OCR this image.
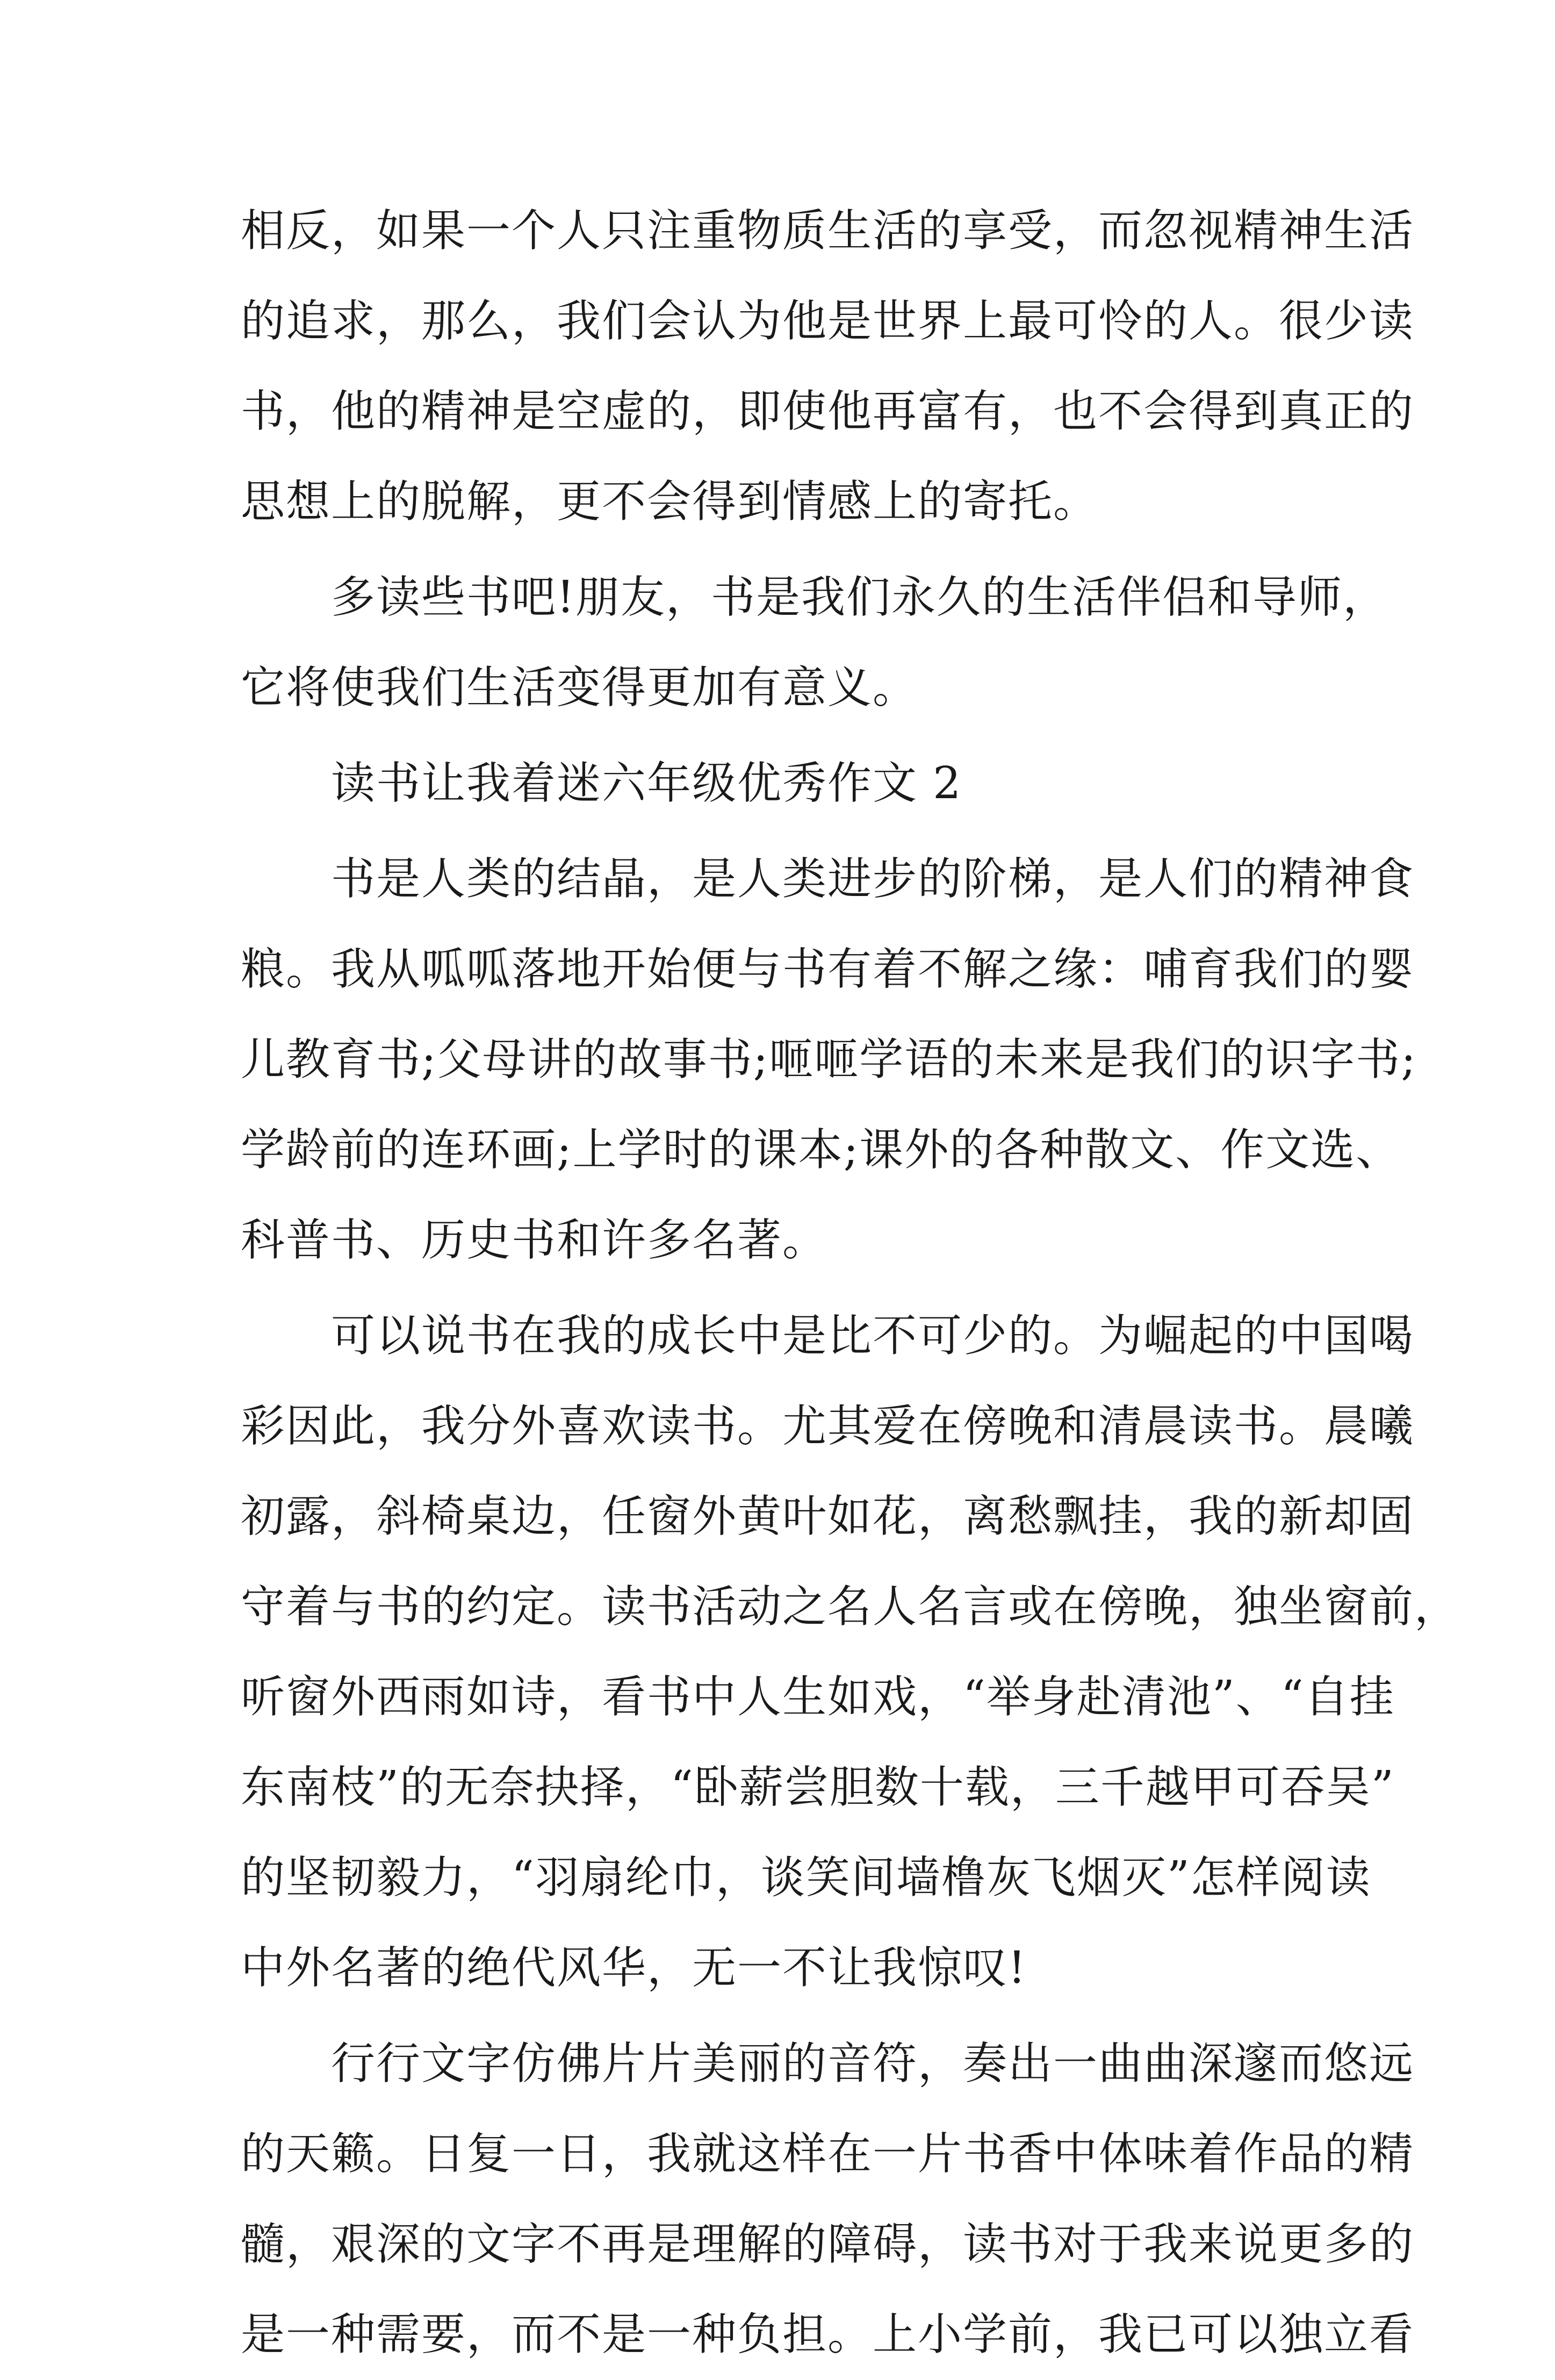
相反，如果一个人只注重物质生活的享受，而忽视精神生活
的追求，那么，我们会认为他是世界上最可怜的人。很少读
书，他的精神是空虚的，即使他再富有，也不会得到真正的
思想上的脱解，更不会得到情感上的寄托。
　　多读些书吧!朋友，书是我们永久的生活伴侣和导师，
它将使我们生活变得更加有意义。
　　读书让我着迷六年级优秀作文 2
　　书是人类的结晶，是人类进步的阶梯，是人们的精神食
粮。我从呱呱落地开始便与书有着不解之缘：哺育我们的婴
儿教育书;父母讲的故事书;咂咂学语的未来是我们的识字书;
学龄前的连环画;上学时的课本;课外的各种散文、作文选、
科普书、历史书和许多名著。
　　可以说书在我的成长中是比不可少的。为崛起的中国喝
彩因此，我分外喜欢读书。尤其爱在傍晚和清晨读书。晨曦
初露，斜椅桌边，任窗外黄叶如花，离愁飘挂，我的新却固
守着与书的约定。读书活动之名人名言或在傍晚，独坐窗前，
听窗外西雨如诗，看书中人生如戏，“举身赴清池”、“自挂
东南枝”的无奈抉择，“卧薪尝胆数十载，三千越甲可吞吴”
的坚韧毅力，“羽扇纶巾，谈笑间墙橹灰飞烟灭”怎样阅读
中外名著的绝代风华，无一不让我惊叹!
　　行行文字仿佛片片美丽的音符，奏出一曲曲深邃而悠远
的天籁。日复一日，我就这样在一片书香中体味着作品的精
髓，艰深的文字不再是理解的障碍，读书对于我来说更多的
是一种需要，而不是一种负担。上小学前，我已可以独立看
